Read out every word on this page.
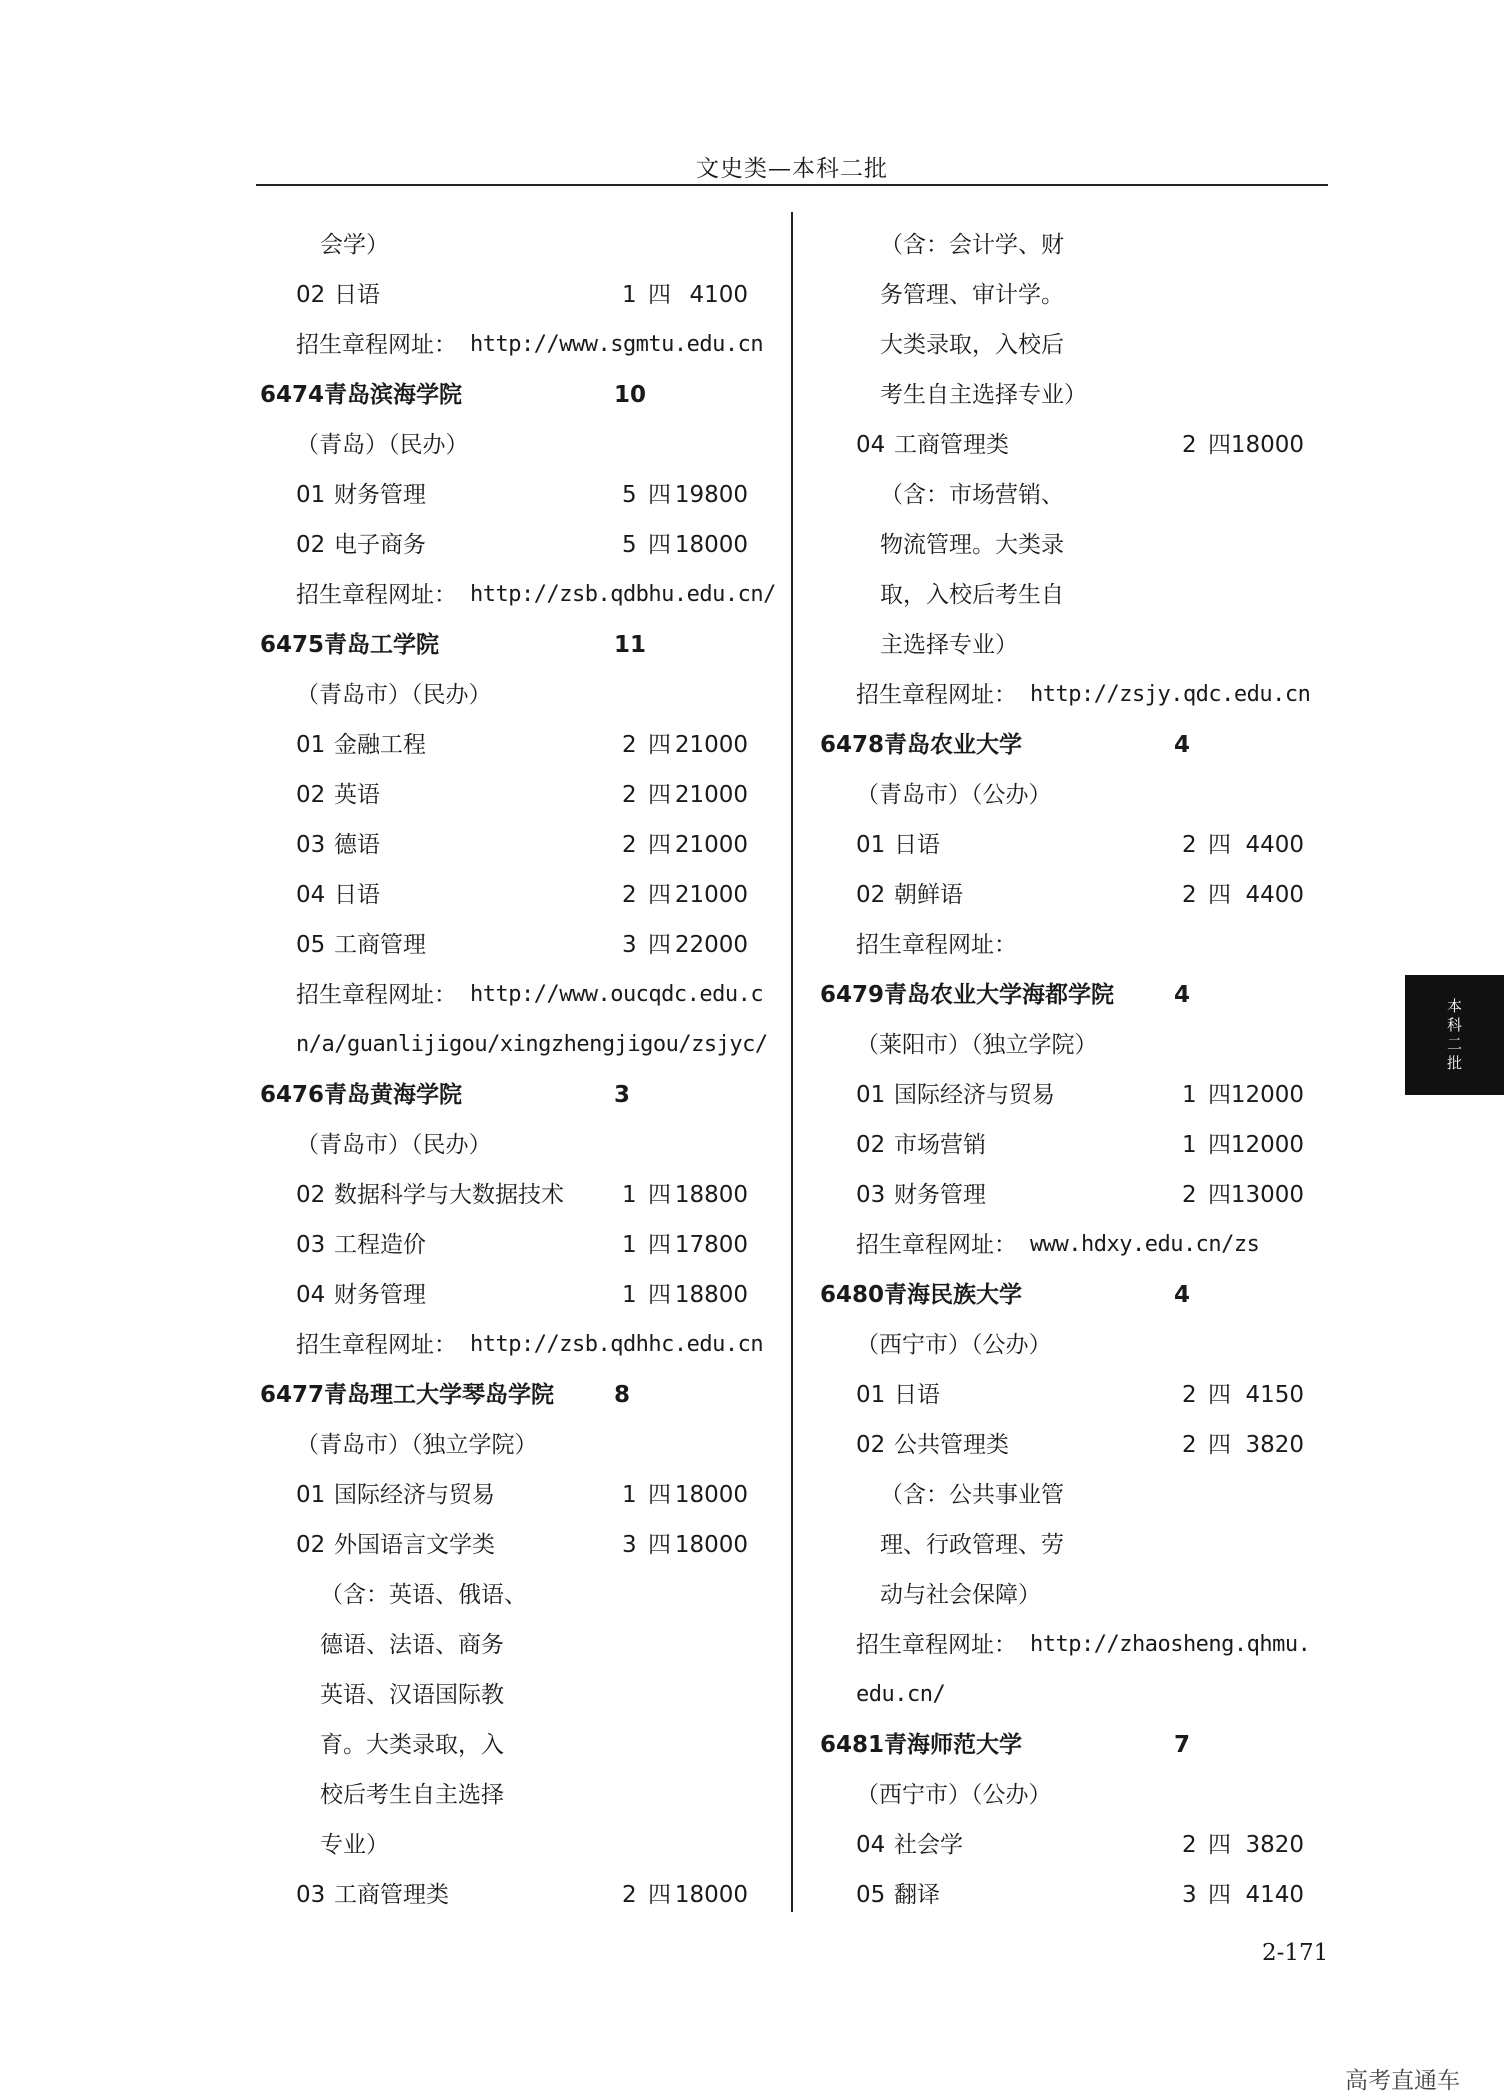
文史类—本科二批
会学）
02 日语	1 四 4100
招生章程网址： http://www.sgmtu.edu.cn
6474 青岛滨海学院	10
（青岛）（民办）
01 财务管理	5 四 19800
02 电子商务	5 四 18000
招生章程网址： http://zsb.qdbhu.edu.cn/
6475 青岛工学院	11
（青岛市）（民办）
01 金融工程	2 四 21000
02 英语	2 四 21000
03 德语	2 四 21000
04 日语	2 四 21000
05 工商管理	3 四 22000
招生章程网址： http://www.oucqdc.edu.c
n/a/guanlijigou/xingzhengjigou/zsjyc/
6476 青岛黄海学院	3
（青岛市）（民办）
02 数据科学与大数据技术	1 四 18800
03 工程造价	1 四 17800
04 财务管理	1 四 18800
招生章程网址： http://zsb.qdhhc.edu.cn
6477 青岛理工大学琴岛学院	8
（青岛市）（独立学院）
01 国际经济与贸易	1 四 18000
02 外国语言文学类	3 四 18000
（含：英语、俄语、
德语、法语、商务
英语、汉语国际教
育。大类录取，入
校后考生自主选择
专业）
03 工商管理类	2 四 18000
（含：会计学、财
务管理、审计学。
大类录取，入校后
考生自主选择专业）
04 工商管理类	2 四 18000
（含：市场营销、
物流管理。大类录
取，入校后考生自
主选择专业）
招生章程网址： http://zsjy.qdc.edu.cn
6478 青岛农业大学	4
（青岛市）（公办）
01 日语	2 四 4400
02 朝鲜语	2 四 4400
招生章程网址：
6479 青岛农业大学海都学院	4
（莱阳市）（独立学院）
01 国际经济与贸易	1 四 12000
02 市场营销	1 四 12000
03 财务管理	2 四 13000
招生章程网址： www.hdxy.edu.cn/zs
6480 青海民族大学	4
（西宁市）（公办）
01 日语	2 四 4150
02 公共管理类	2 四 3820
（含：公共事业管
理、行政管理、劳
动与社会保障）
招生章程网址： http://zhaosheng.qhmu.
edu.cn/
6481 青海师范大学	7
（西宁市）（公办）
04 社会学	2 四 3820
05 翻译	3 四 4140
本科二批
2-171
高考直通车
